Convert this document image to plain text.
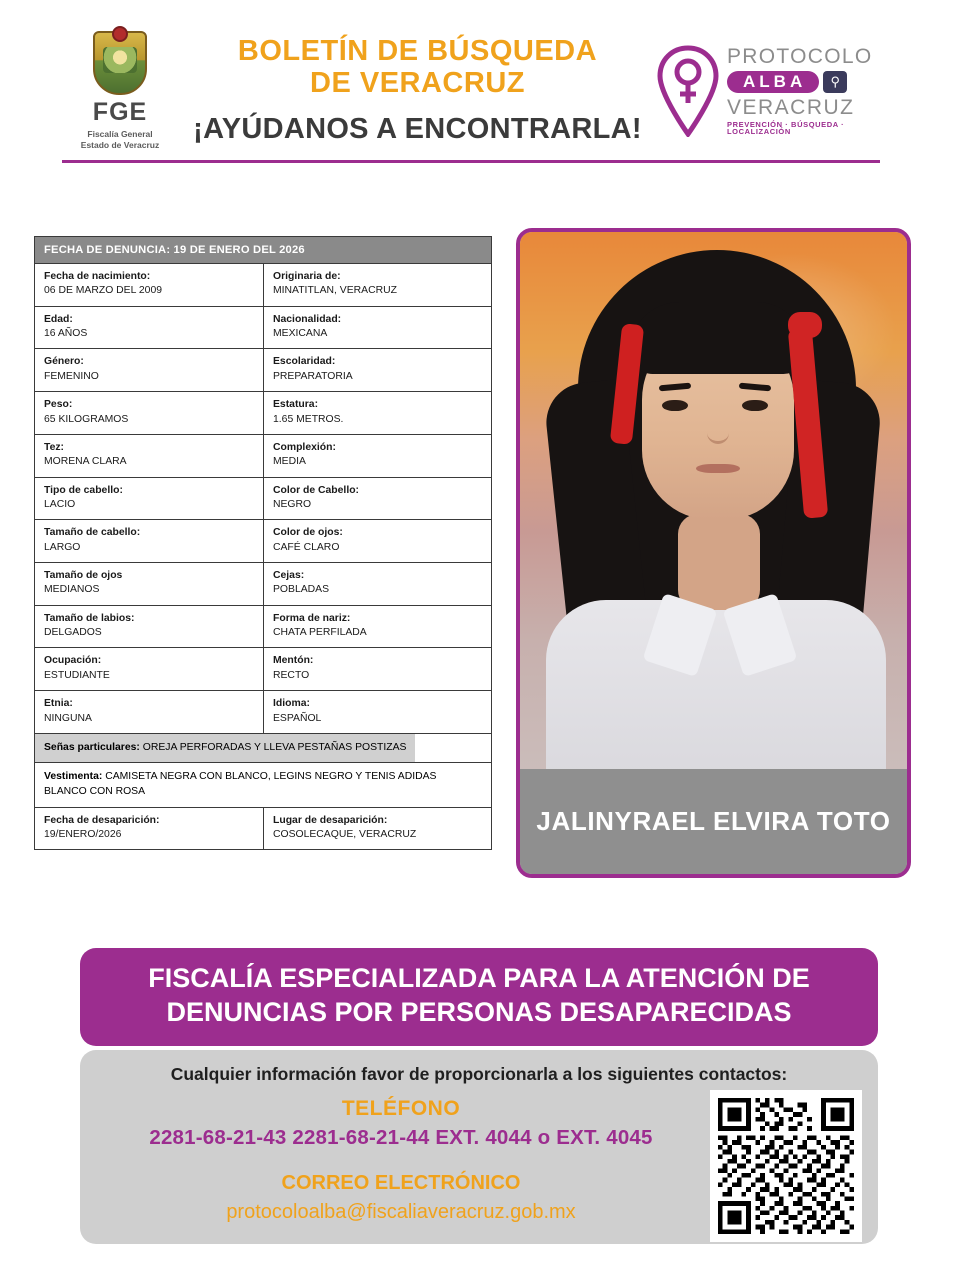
FGE
Fiscalía General
Estado de Veracruz
BOLETÍN DE BÚSQUEDA
DE VERACRUZ
¡AYÚDANOS A ENCONTRARLA!
PROTOCOLO
ALBA	⚲
VERACRUZ
PREVENCIÓN · BÚSQUEDA · LOCALIZACIÓN
FECHA DE DENUNCIA: 19 DE ENERO DEL 2026
Fecha de nacimiento:
06 DE MARZO DEL 2009
Originaria de:
MINATITLAN, VERACRUZ
Edad:
16 AÑOS
Nacionalidad:
MEXICANA
Género:
FEMENINO
Escolaridad:
PREPARATORIA
Peso:
65 KILOGRAMOS
Estatura:
1.65 METROS.
Tez:
MORENA CLARA
Complexión:
MEDIA
Tipo de cabello:
LACIO
Color de Cabello:
NEGRO
Tamaño de cabello:
LARGO
Color de ojos:
CAFÉ CLARO
Tamaño de ojos
MEDIANOS
Cejas:
POBLADAS
Tamaño de labios:
DELGADOS
Forma de nariz:
CHATA PERFILADA
Ocupación:
ESTUDIANTE
Mentón:
RECTO
Etnia:
NINGUNA
Idioma:
ESPAÑOL
Señas particulares: OREJA PERFORADAS Y LLEVA PESTAÑAS POSTIZAS
Vestimenta: CAMISETA NEGRA CON BLANCO, LEGINS NEGRO Y TENIS ADIDAS BLANCO CON ROSA
Fecha de desaparición:
19/ENERO/2026
Lugar de desaparición:
COSOLECAQUE, VERACRUZ	JALINYRAEL ELVIRA TOTO
FISCALÍA ESPECIALIZADA PARA LA ATENCIÓN DE
DENUNCIAS POR PERSONAS DESAPARECIDAS
Cualquier información favor de proporcionarla a los siguientes contactos:
TELÉFONO
2281-68-21-43 2281-68-21-44 EXT. 4044 o EXT. 4045
CORREO ELECTRÓNICO
protocoloalba@fiscaliaveracruz.gob.mx
